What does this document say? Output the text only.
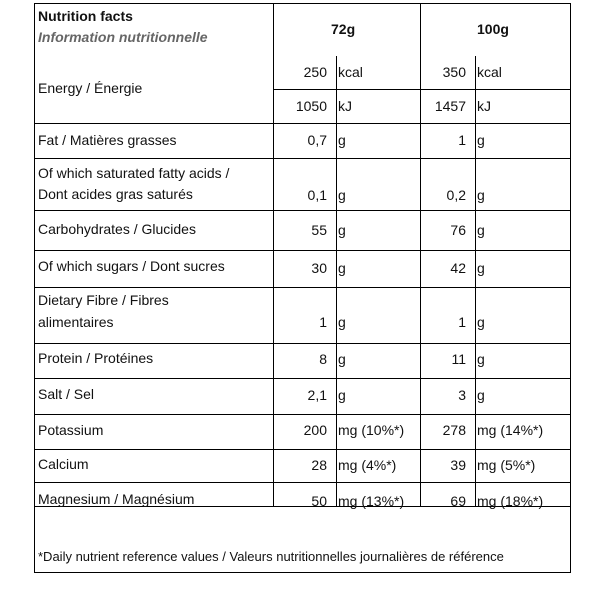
Nutrition facts
Information nutritionnelle	72g	100g
Energy / Énergie
250 kcal	350 kcal
1050 kJ	1457 kJ
Fat / Matières grasses	0,7 g	1 g
Of which saturated fatty acids /
Dont acides gras saturés	0,1 g	0,2 g
Carbohydrates / Glucides	55 g	76 g
Of which sugars / Dont sucres	30 g	42 g
Dietary Fibre / Fibres
alimentaires	1 g	1 g
Protein / Protéines	8 g	11 g
Salt / Sel	2,1 g	3 g
Potassium	200 mg (10%*)	278 mg (14%*)
Calcium	28 mg (4%*)	39 mg (5%*)
Magnesium / Magnésium	50 mg (13%*)	69 mg (18%*)
*Daily nutrient reference values / Valeurs nutritionnelles journalières de référence
